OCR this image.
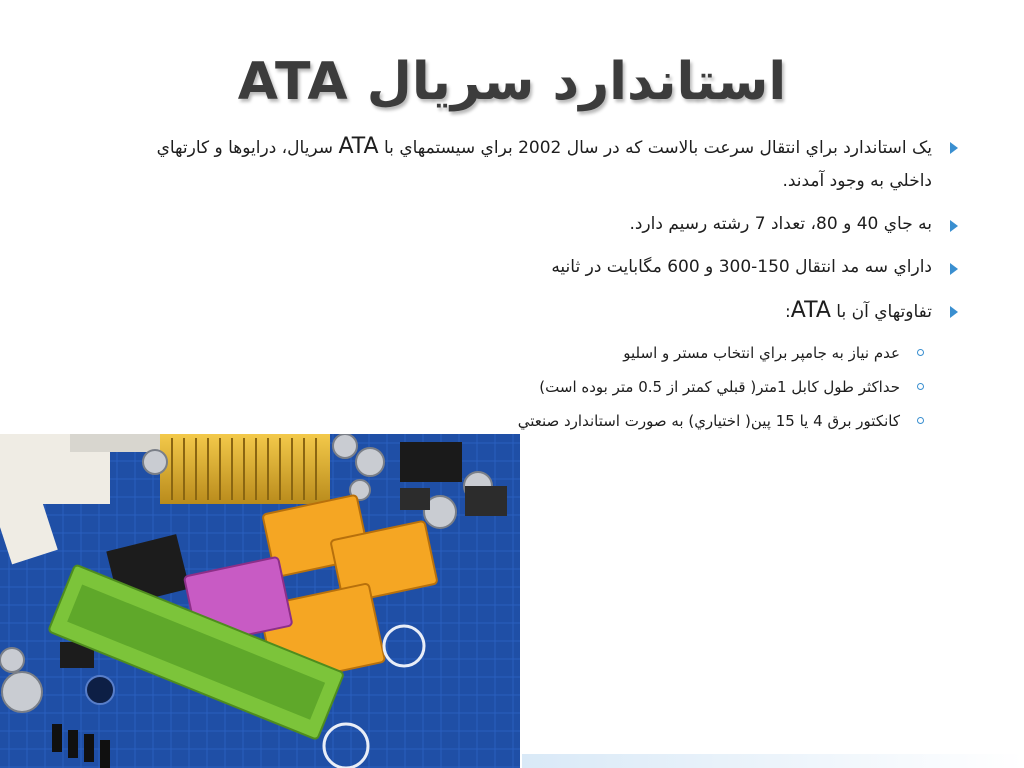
استاندارد سريال ATA
يک استاندارد براي انتقال سرعت بالاست که در سال 2002 براي سيستمهاي با ATA سريال، درايوها و کارتهاي داخلي به وجود آمدند.
به جاي 40 و 80، تعداد 7 رشته رسيم دارد.
داراي سه مد انتقال 150-300 و 600 مگابايت در ثانيه
تفاوتهاي آن با ATA:
عدم نياز به جامپر براي انتخاب مستر و اسليو
حداکثر طول کابل 1متر( قبلي کمتر از 0.5 متر بوده است)
کانکتور برق 4 يا 15 پين( اختياري) به صورت استاندارد صنعتي
